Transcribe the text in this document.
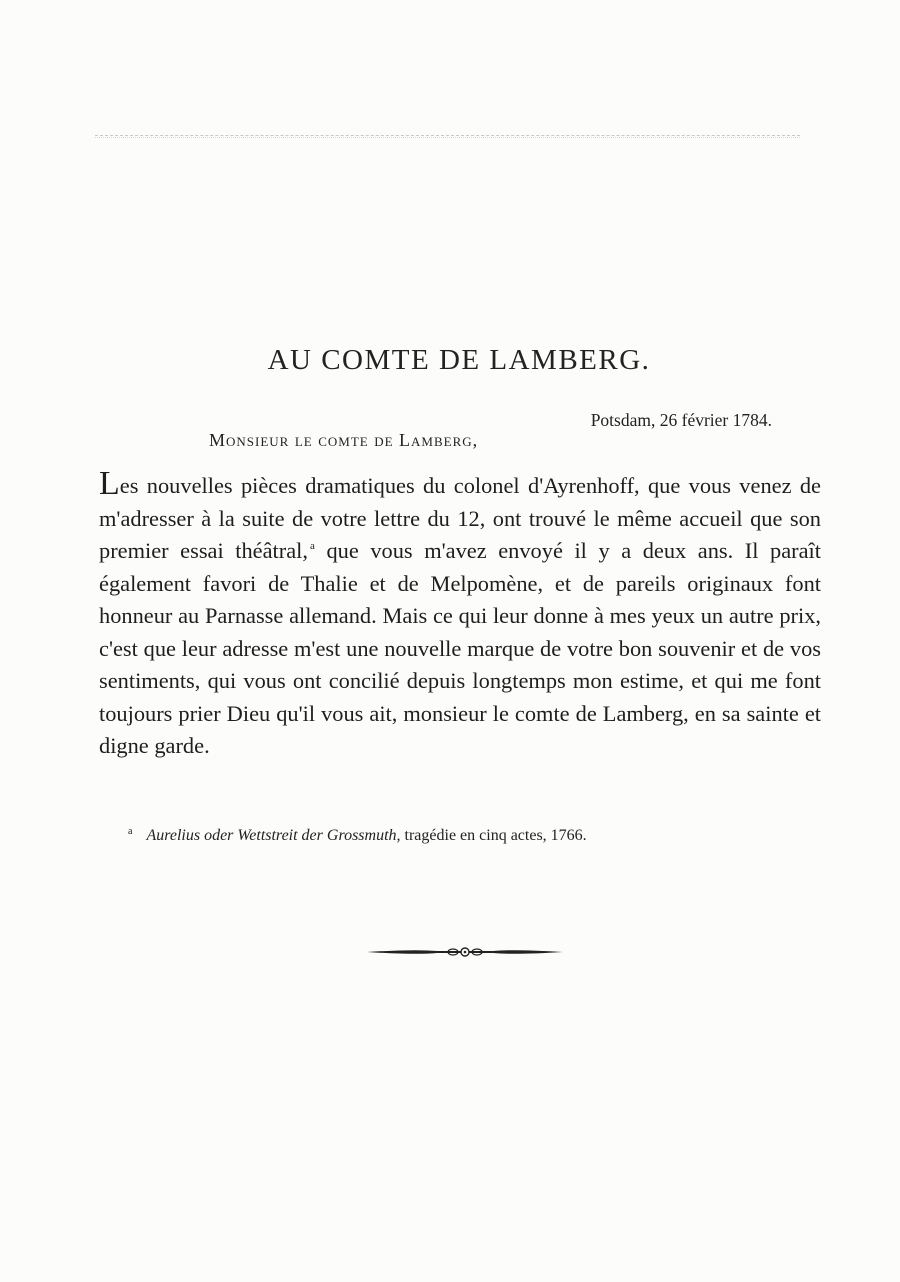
AU COMTE DE LAMBERG.
Potsdam, 26 février 1784.
Monsieur le comte de Lamberg,

Les nouvelles pièces dramatiques du colonel d'Ayrenhoff, que vous venez de m'adresser à la suite de votre lettre du 12, ont trouvé le même accueil que son premier essai théâtral, $^a$ que vous m'avez envoyé il y a deux ans. Il paraît également favori de Thalie et de Melpomène, et de pareils originaux font honneur au Parnasse allemand. Mais ce qui leur donne à mes yeux un autre prix, c'est que leur adresse m'est une nouvelle marque de votre bon souvenir et de vos sentiments, qui vous ont concilié depuis longtemps mon estime, et qui me font toujours prier Dieu qu'il vous ait, monsieur le comte de Lamberg, en sa sainte et digne garde.

$^a$ Aurelius oder Wettstreit der Grossmuth, tragédie en cinq actes, 1766.
